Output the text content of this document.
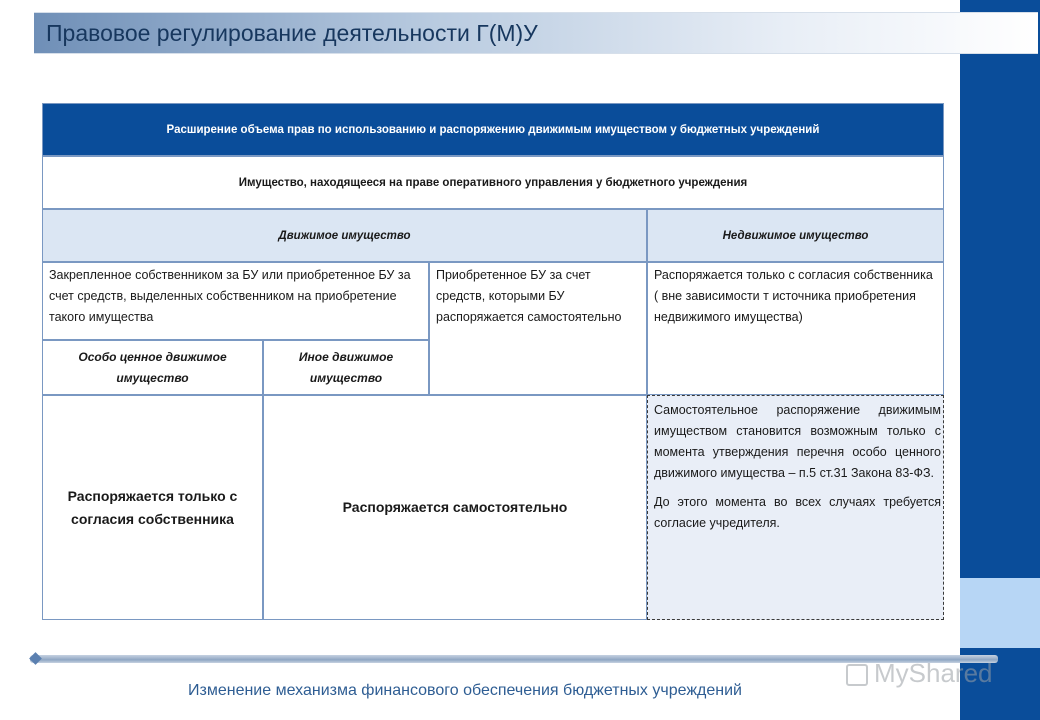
Правовое регулирование деятельности Г(М)У
Расширение объема прав по использованию и распоряжению движимым имуществом у бюджетных учреждений
Имущество, находящееся на праве оперативного управления у бюджетного учреждения
Движимое имущество	Недвижимое имущество
Закрепленное собственником за БУ или приобретенное БУ за счет средств, выделенных собственником на приобретение такого имущества
Приобретенное БУ за счет средств, которыми БУ распоряжается самостоятельно
Распоряжается только с согласия собственника ( вне зависимости т источника приобретения недвижимого имущества)
Особо ценное движимое имущество
Иное движимое имущество
Распоряжается только с согласия собственника
Распоряжается самостоятельно

Самостоятельное распоряжение движимым имуществом становится возможным только с момента утверждения перечня особо ценного движимого имущества – п.5 ст.31 Закона 83-ФЗ.

До этого момента во всех случаях требуется согласие учредителя.

Изменение механизма финансового обеспечения бюджетных учреждений
MyShared
